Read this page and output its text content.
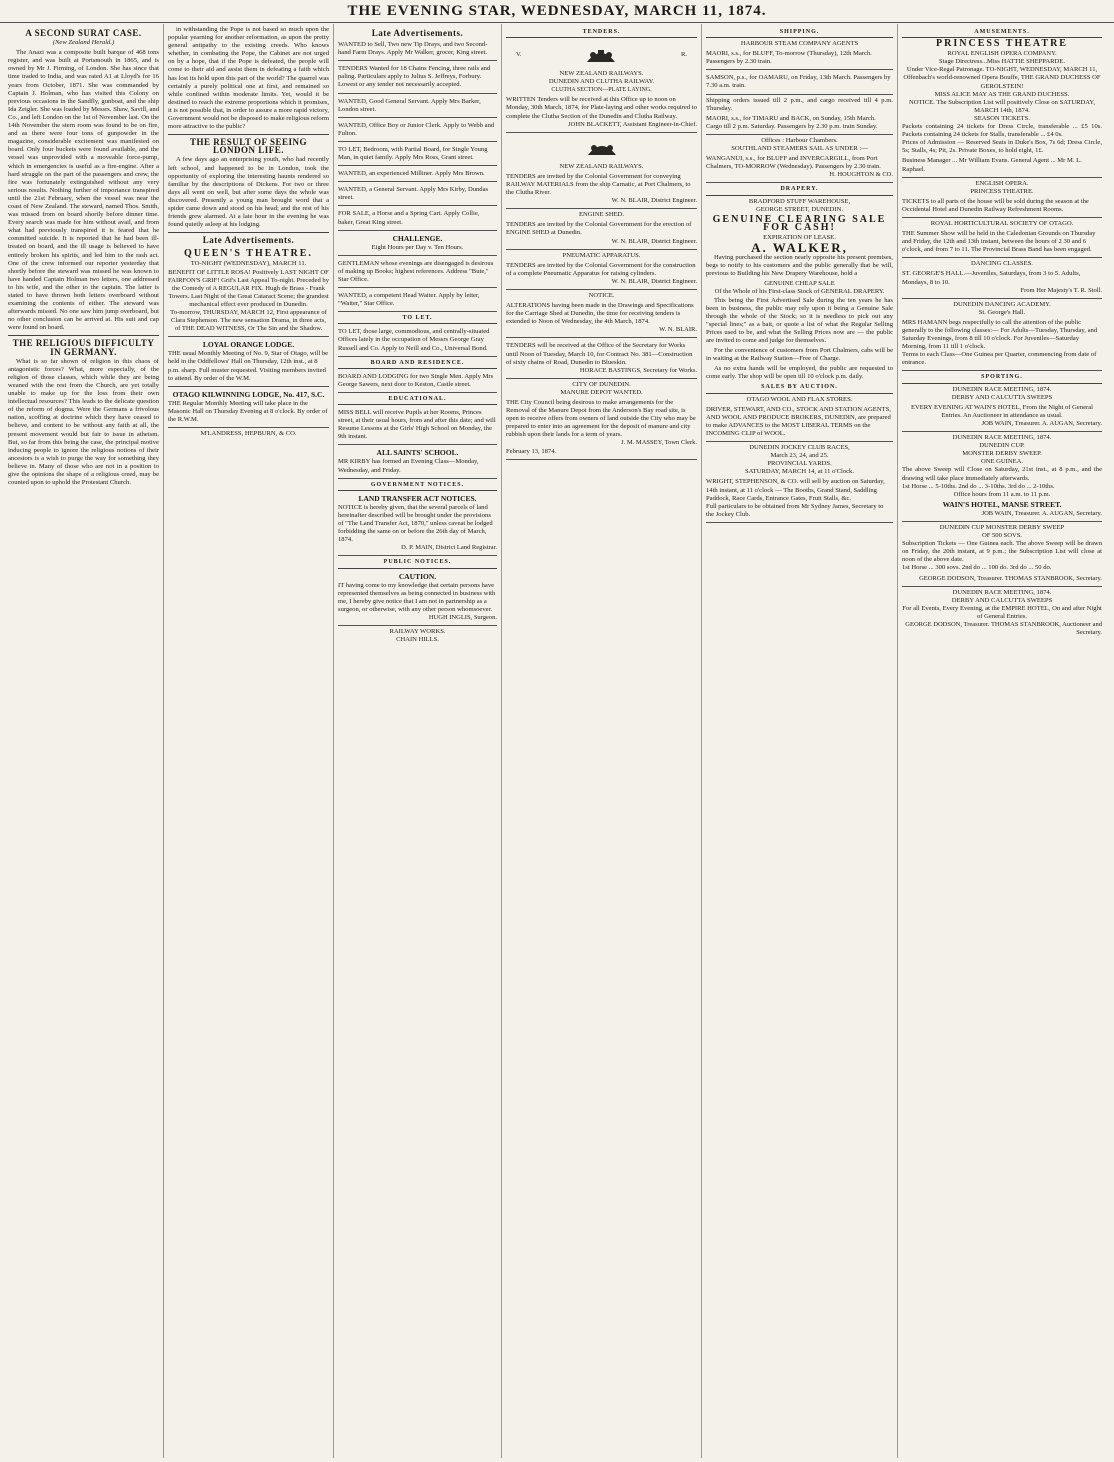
THE EVENING STAR, WEDNESDAY, MARCH 11, 1874.
A SECOND SURAT CASE.
(New Zealand Herald.)

The Anazi was a composite built barque of 468 tons register, and was built at Portsmouth in 1865, and is owned by Mr J. Firming, of London. She has since that time traded to India, and was rated A1 at Lloyd's for 16 years from October, 1871. She was commanded by Captain J. Holman, who has visited this Colony on previous occasions in the Sandfly, gunboat, and the ship Ida Zeigler. She was loaded by Messrs. Shaw, Savill, and Co., and left London on the 1st of November last. On the 14th November the stern room was found to be on fire, and as there were four tons of gunpowder in the magazine, considerable excitement was manifested on board. Only four buckets were found available, and the vessel was unprovided with a moveable force-pump, which in emergencies is useful as a fire-engine. After a hard struggle on the part of the passengers and crew, the fire was fortunately extinguished without any very serious results. Nothing further of importance transpired until the 21st February, when the vessel was near the coast of New Zealand. The steward, named Thos. Smith, was missed from on board shortly before dinner time. Every search was made for him without avail, and from what had previously transpired it is feared that he committed suicide. It is reported that he had been ill-treated on board, and the ill usage is believed to have entirely broken his spirits, and led him to the rash act. One of the crew informed our reporter yesterday that shortly before the steward was missed he was known to have handed Captain Holman two letters, one addressed to his wife, and the other to the captain. The latter is stated to have thrown both letters overboard without examining the contents of either. The steward was afterwards missed. No one saw him jump overboard, but no other conclusion can be arrived at. His suit and cap were found on board.

THE RELIGIOUS DIFFICULTY IN GERMANY.

What is so far shown of religion in this chaos of antagonistic forces? What, more especially, of the religion of those classes, which while they are being weaned with the rest from the Church, are yet totally unable to make up for the loss from their own intellectual resources? This leads to the delicate question of the reform of dogma. Were the Germans a frivolous nation, scoffing at doctrine which they have ceased to believe, and content to be without any faith at all, the present movement would but fair to issue in atheism. But, so far from this being the case, the principal motive inducing people to ignore the religious notions of their ancestors is a wish to purge the way for something they believe in. Many of those who are not in a position to give the opinions the shape of a religious creed, may be counted upon to uphold the Protestant Church.

in withstanding the Pope is not based so much upon the popular yearning for another reformation, as upon the pretty general antipathy to the existing creeds. Who knows whether, in combating the Pope, the Cabinet are not urged on by a hope, that if the Pope is defeated, the people will come to their aid and assist them in defeating a faith which has lost its hold upon this part of the world? The quarrel was certainly a purely political one at first, and remained so while confined within moderate limits. Yet, would it be destined to reach the extreme proportions which it promises, it is not possible that, in order to assure a more rapid victory, Government would not be disposed to make religious reform more attractive to the public?

THE RESULT OF SEEING LONDON LIFE.

A few days ago an enterprising youth, who had recently left school, and happened to be in London, took the opportunity of exploring the interesting haunts rendered so familiar by the descriptions of Dickens. For two or three days all went on well, but after some days the whole was discovered. Presently a young man brought word that a spider came down and stood on his head; and the rest of his friends grew alarmed. At a late hour in the evening he was found quietly asleep at his lodging.

Late Advertisements.
QUEEN'S THEATRE.
TO-NIGHT (WEDNESDAY), MARCH 11.
BENEFIT OF LITTLE ROSA! Positively LAST NIGHT OF FAIRFON'S GRIF! Grif's Last Appeal To-night. Preceded by the Comedy of A REGULAR FIX. Hugh de Brass - Frank Towers. Last Night of the Great Cataract Scene; the grandest mechanical effect ever produced in Dunedin.
To-morrow, THURSDAY, MARCH 12, First appearance of Clara Stephenson. The new sensation Drama, in three acts, of THE DEAD WITNESS, Or The Sin and the Shadow.
LOYAL ORANGE LODGE.
THE usual Monthly Meeting of No. 9, Star of Otago, will be held in the Oddfellows' Hall on Thursday, 12th inst., at 8 p.m. sharp. Full muster requested. Visiting members invited to attend. By order of the W.M.
OTAGO KILWINNING LODGE, No. 417, S.C.
THE Regular Monthly Meeting will take place in the Masonic Hall on Thursday Evening at 8 o'clock. By order of the R.W.M.
M'LANDRESS, HEPBURN, & CO.
Late Advertisements.
WANTED to Sell, Two new Tip Drays, and two Second-hand Farm Drays. Apply Mr Walker, grocer, King street.
TENDERS Wanted for 18 Chains Fencing, three rails and paling. Particulars apply to Julius S. Jeffreys, Forbury. Lowest or any tender not necessarily accepted.
WANTED, Good General Servant. Apply Mrs Barker, London street.
WANTED, Office Boy or Junior Clerk. Apply to Webb and Fulton.
TO LET, Bedroom, with Partial Board, for Single Young Man, in quiet family. Apply Mrs Ross, Grant street.
WANTED, an experienced Milliner. Apply Mrs Brown.
WANTED, a General Servant. Apply Mrs Kirby, Dundas street.
FOR SALE, a Horse and a Spring Cart. Apply Collie, baker, Great King street.
CHALLENGE.
Eight Hours per Day v. Ten Hours.
GENTLEMAN whose evenings are disengaged is desirous of making up Books; highest references. Address "Bute," Star Office.
WANTED, a competent Head Waiter. Apply by letter, "Waiter," Star Office.
TO LET.
TO LET, those large, commodious, and centrally-situated Offices lately in the occupation of Messrs George Gray Russell and Co. Apply to Neill and Co., Universal Bond.
BOARD AND RESIDENCE.
BOARD AND LODGING for two Single Men. Apply Mrs George Sawers, next door to Keston, Castle street.
EDUCATIONAL.
MISS BELL will receive Pupils at her Rooms, Princes street, at their usual hours, from and after this date; and will Resume Lessons at the Girls' High School on Monday, the 9th instant.
ALL SAINTS' SCHOOL.
MR KIRBY has formed an Evening Class—Monday, Wednesday, and Friday.
GOVERNMENT NOTICES.
LAND TRANSFER ACT NOTICES.
NOTICE is hereby given, that the several parcels of land hereinafter described will be brought under the provisions of "The Land Transfer Act, 1870," unless caveat be lodged forbidding the same on or before the 26th day of March, 1874.
D. P. MAIN, District Land Registrar.
PUBLIC NOTICES.
CAUTION.
IT having come to my knowledge that certain persons have represented themselves as being connected in business with me, I hereby give notice that I am not in partnership as a surgeon, or otherwise, with any other person whomsoever.
HUGH INGLIS, Surgeon.
RAILWAY WORKS.
CHAIN HILLS.
TENDERS.
V.	R.
NEW ZEALAND RAILWAYS.
DUNEDIN AND CLUTHA RAILWAY.
CLUTHA SECTION—PLATE LAYING.
WRITTEN Tenders will be received at this Office up to noon on Monday, 30th March, 1874, for Plate-laying and other works required to complete the Clutha Section of the Dunedin and Clutha Railway.
JOHN BLACKETT, Assistant Engineer-in-Chief.
NEW ZEALAND RAILWAYS.
TENDERS are invited by the Colonial Government for conveying RAILWAY MATERIALS from the ship Carnatic, at Port Chalmers, to the Clutha River.
W. N. BLAIR, District Engineer.
ENGINE SHED.
TENDERS are invited by the Colonial Government for the erection of ENGINE SHED at Dunedin.
W. N. BLAIR, District Engineer.
PNEUMATIC APPARATUS.
TENDERS are invited by the Colonial Government for the construction of a complete Pneumatic Apparatus for raising cylinders.
W. N. BLAIR, District Engineer.
NOTICE.
ALTERATIONS having been made in the Drawings and Specifications for the Carriage Shed at Dunedin, the time for receiving tenders is extended to Noon of Wednesday, the 4th March, 1874.
W. N. BLAIR.
TENDERS will be received at the Office of the Secretary for Works until Noon of Tuesday, March 10, for Contract No. 381—Construction of sixty chains of Road, Dunedin to Blueskin.
HORACE BASTINGS, Secretary for Works.
CITY OF DUNEDIN.
MANURE DEPOT WANTED.
THE City Council being desirous to make arrangements for the Removal of the Manure Depot from the Anderson's Bay road site, is open to receive offers from owners of land outside the City who may be prepared to enter into an agreement for the deposit of manure and city rubbish upon their lands for a term of years.
J. M. MASSEY, Town Clerk.
February 13, 1874.
SHIPPING.
HARBOUR STEAM COMPANY AGENTS
MAORI, s.s., for BLUFF, To-morrow (Thursday), 12th March. Passengers by 2.30 train.
SAMSON, p.s., for OAMARU, on Friday, 13th March. Passengers by 7.30 a.m. train.
Shipping orders issued till 2 p.m., and cargo received till 4 p.m. Thursday.
MAORI, s.s., for TIMARU and BACK, on Sunday, 15th March. Cargo till 2 p.m. Saturday. Passengers by 2.30 p.m. train Sunday.
Offices : Harbour Chambers.
SOUTHLAND STEAMERS SAIL AS UNDER :—
WANGANUI, s.s., for BLUFF and INVERCARGILL, from Port Chalmers, TO-MORROW (Wednesday). Passengers by 2.30 train.
H. HOUGHTON & CO.
DRAPERY.
BRADFORD STUFF WAREHOUSE,
GEORGE STREET, DUNEDIN.
GENUINE CLEARING SALE FOR CASH!
EXPIRATION OF LEASE.
A. WALKER,

Having purchased the section nearly opposite his present premises, begs to notify to his customers and the public generally that he will, previous to Building his New Drapery Warehouse, hold a

GENUINE CHEAP SALE
Of the Whole of his First-class Stock of GENERAL DRAPERY.

This being the First Advertised Sale during the ten years he has been in business, the public may rely upon it being a Genuine Sale through the whole of the Stock; so it is needless to pick out any "special lines;" as a bait, or quote a list of what the Regular Selling Prices used to be, and what the Selling Prices now are — the public are invited to come and judge for themselves.

For the convenience of customers from Port Chalmers, cabs will be in waiting at the Railway Station—Free of Charge.

As no extra hands will be employed, the public are requested to come early. The shop will be open till 10 o'clock p.m. daily.

SALES BY AUCTION.
OTAGO WOOL AND FLAX STORES.
DRIVER, STEWART, AND CO., STOCK AND STATION AGENTS, AND WOOL AND PRODUCE BROKERS, DUNEDIN, are prepared to make ADVANCES to the MOST LIBERAL TERMS on the INCOMING CLIP of WOOL.
DUNEDIN JOCKEY CLUB RACES,
March 23, 24, and 25.
PROVINCIAL YARDS.
SATURDAY, MARCH 14, at 11 o'Clock.
WRIGHT, STEPHENSON, & CO. will sell by auction on Saturday, 14th instant, at 11 o'clock — The Booths, Grand Stand, Saddling Paddock, Race Cards, Entrance Gates, Fruit Stalls, &c.
Full particulars to be obtained from Mr Sydney James, Secretary to the Jockey Club.
AMUSEMENTS.
PRINCESS THEATRE
ROYAL ENGLISH OPERA COMPANY.
Stage Directress...Miss HATTIE SHEPPARDE.
Under Vice-Regal Patronage. TO-NIGHT, WEDNESDAY, MARCH 11, Offenbach's world-renowned Opera Bouffe, THE GRAND DUCHESS OF GEROLSTEIN!
MISS ALICE MAY AS THE GRAND DUCHESS.
NOTICE. The Subscription List will positively Close on SATURDAY, MARCH 14th, 1874.
SEASON TICKETS.
Packets containing 24 tickets for Dress Circle, transferable ... £5 10s. Packets containing 24 tickets for Stalls, transferable ... £4 0s.
Prices of Admission — Reserved Seats in Duke's Box, 7s 6d; Dress Circle, 5s; Stalls, 4s; Pit, 2s. Private Boxes, to hold eight, 1£.
Business Manager ... Mr William Evans. General Agent ... Mr M. L. Raphael.
ENGLISH OPERA.
PRINCESS THEATRE.
TICKETS to all parts of the house will be sold during the season at the Occidental Hotel and Dunedin Railway Refreshment Rooms.
ROYAL HORTICULTURAL SOCIETY OF OTAGO.
THE Summer Show will be held in the Caledonian Grounds on Thursday and Friday, the 12th and 13th instant, between the hours of 2 30 and 6 o'clock, and from 7 to 11. The Provincial Brass Band has been engaged.
DANCING CLASSES.
ST. GEORGE'S HALL.—Juveniles, Saturdays, from 3 to 5. Adults, Mondays, 8 to 10.
From Her Majesty's T. R. Stoll.
DUNEDIN DANCING ACADEMY.
St. George's Hall.
MRS HAMANN begs respectfully to call the attention of the public generally to the following classes:— For Adults—Tuesday, Thursday, and Saturday Evenings, from 8 till 10 o'clock. For Juveniles—Saturday Morning, from 11 till 1 o'clock.
Terms to each Class—One Guinea per Quarter, commencing from date of entrance.
SPORTING.
DUNEDIN RACE MEETING, 1874.
DERBY AND CALCUTTA SWEEPS
EVERY EVENING AT WAIN'S HOTEL, From the Night of General Entries. An Auctioneer in attendance as usual.
JOB WAIN, Treasurer. A. AUGAN, Secretary.
DUNEDIN RACE MEETING, 1874.
DUNEDIN CUP.
MONSTER DERBY SWEEP.
ONE GUINEA.
The above Sweep will Close on Saturday, 21st inst., at 8 p.m., and the drawing will take place immediately afterwards.
1st Horse ... 5-10ths. 2nd do ... 3-10ths. 3rd do ... 2-10ths.
Office hours from 11 a.m. to 11 p.m.
WAIN'S HOTEL, MANSE STREET.
JOB WAIN, Treasurer. A. AUGAN, Secretary.
DUNEDIN CUP MONSTER DERBY SWEEP
OF 500 SOVS.
Subscription Tickets — One Guinea each. The above Sweep will be drawn on Friday, the 20th instant, at 9 p.m.; the Subscription List will close at noon of the above date.
1st Horse ... 300 sovs. 2nd do ... 100 do. 3rd do ... 50 do.
GEORGE DODSON, Treasurer. THOMAS STANBROOK, Secretary.
DUNEDIN RACE MEETING, 1874.
DERBY AND CALCUTTA SWEEPS
For all Events, Every Evening, at the EMPIRE HOTEL, On and after Night of General Entries.
GEORGE DODSON, Treasurer. THOMAS STANBROOK, Auctioneer and Secretary.
